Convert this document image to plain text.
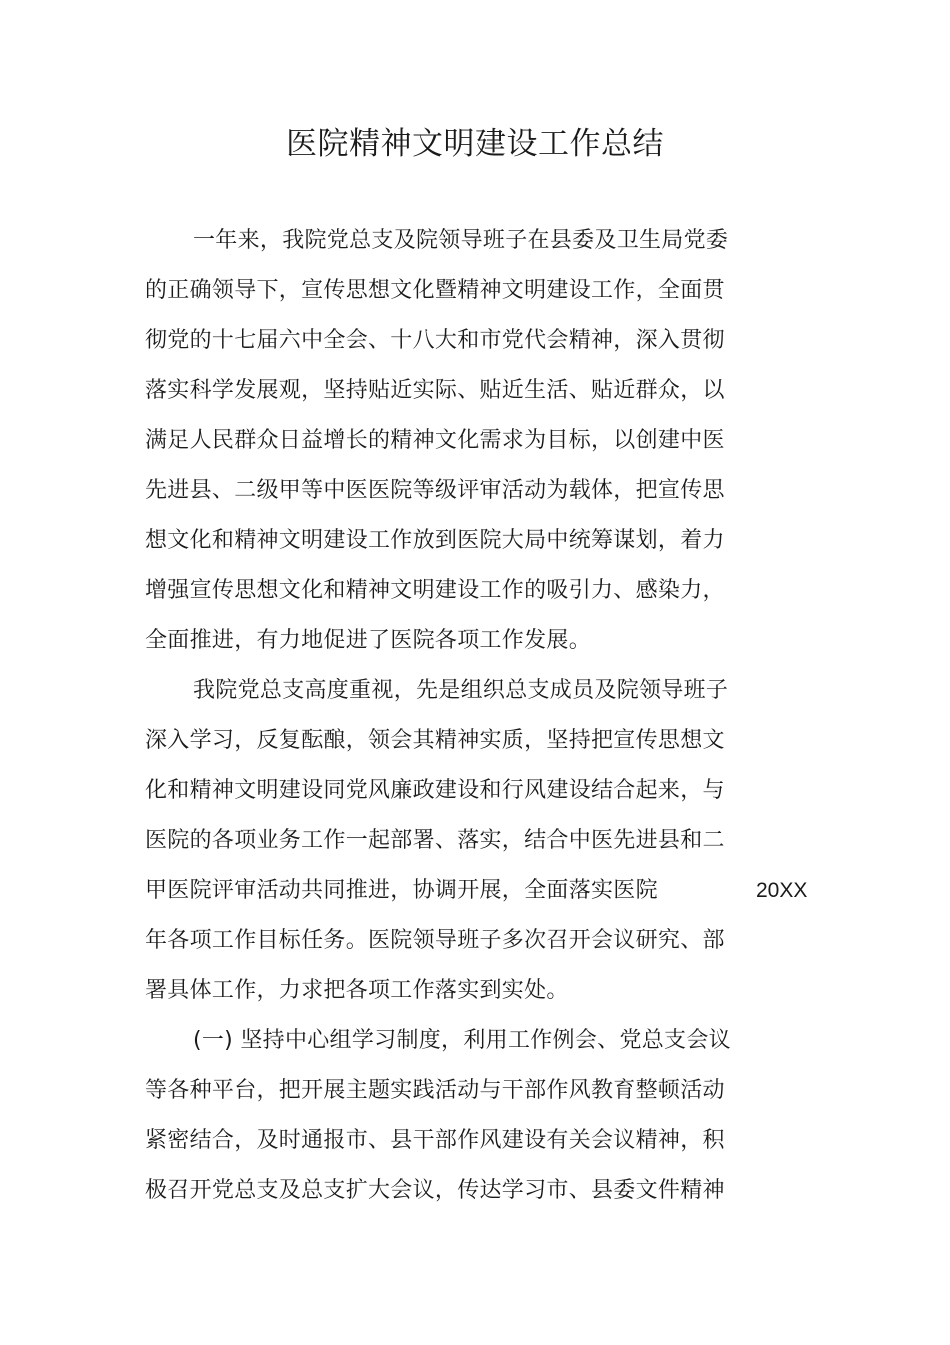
医院精神文明建设工作总结
一年来，我院党总支及院领导班子在县委及卫生局党委
的正确领导下，宣传思想文化暨精神文明建设工作，全面贯
彻党的十七届六中全会、十八大和市党代会精神，深入贯彻
落实科学发展观，坚持贴近实际、贴近生活、贴近群众，以
满足人民群众日益增长的精神文化需求为目标，以创建中医
先进县、二级甲等中医医院等级评审活动为载体，把宣传思
想文化和精神文明建设工作放到医院大局中统筹谋划，着力
增强宣传思想文化和精神文明建设工作的吸引力、感染力，
全面推进，有力地促进了医院各项工作发展。
我院党总支高度重视，先是组织总支成员及院领导班子
深入学习，反复酝酿，领会其精神实质，坚持把宣传思想文
化和精神文明建设同党风廉政建设和行风建设结合起来，与
医院的各项业务工作一起部署、落实，结合中医先进县和二
甲医院评审活动共同推进，协调开展，全面落实医院	20XX
年各项工作目标任务。医院领导班子多次召开会议研究、部
署具体工作，力求把各项工作落实到实处。
(一) 坚持中心组学习制度，利用工作例会、党总支会议
等各种平台，把开展主题实践活动与干部作风教育整顿活动
紧密结合，及时通报市、县干部作风建设有关会议精神，积
极召开党总支及总支扩大会议，传达学习市、县委文件精神
